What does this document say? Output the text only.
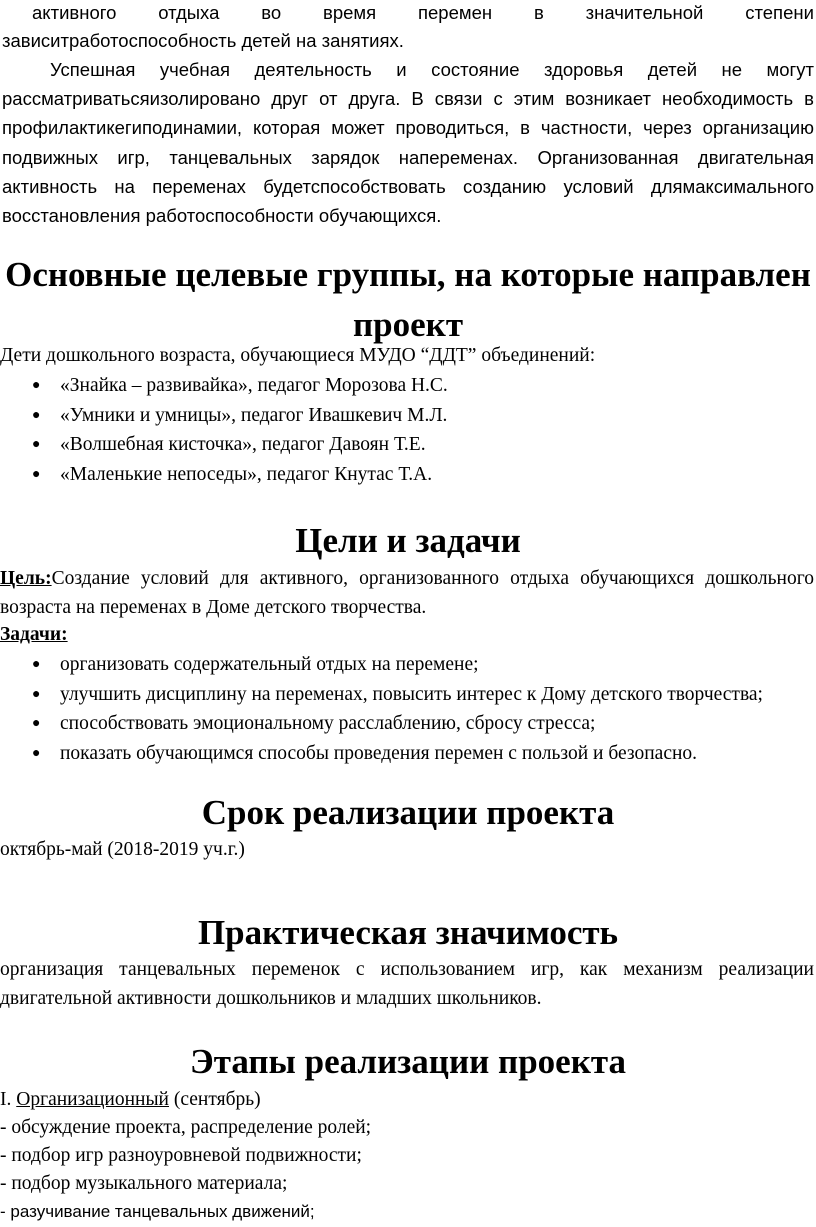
активного отдыха во время перемен в значительной степени
зависитработоспособность детей на занятиях.
Успешная учебная деятельность и состояние здоровья детей не могут рассматриватьсяизолировано друг от друга. В связи с этим возникает необходимость в профилактикегиподинамии, которая может проводиться, в частности, через организацию подвижных игр, танцевальных зарядок напеременах. Организованная двигательная активность на переменах будетспособствовать созданию условий длямаксимального восстановления работоспособности обучающихся.
Основные целевые группы, на которые направлен проект
Дети дошкольного возраста, обучающиеся МУДО “ДДТ” объединений:
● «Знайка – развивайка», педагог Морозова Н.С.
● «Умники и умницы», педагог Ивашкевич М.Л.
● «Волшебная кисточка», педагог Давоян Т.Е.
● «Маленькие непоседы», педагог Кнутас Т.А.
Цели и задачи
Цель:Создание условий для активного, организованного отдыха обучающихся дошкольного возраста на переменах в Доме детского творчества.
Задачи:
● организовать содержательный отдых на перемене;
● улучшить дисциплину на переменах, повысить интерес к Дому детского творчества;
● способствовать эмоциональному расслаблению, сбросу стресса;
● показать обучающимся способы проведения перемен с пользой и безопасно.
Срок реализации проекта
октябрь-май (2018-2019 уч.г.)
Практическая значимость
организация танцевальных переменок с использованием игр, как механизм реализации двигательной активности дошкольников и младших школьников.
Этапы реализации проекта
I. Организационный (сентябрь)
- обсуждение проекта, распределение ролей;
- подбор игр разноуровневой подвижности;
- подбор музыкального материала;
- разучивание танцевальных движений;
